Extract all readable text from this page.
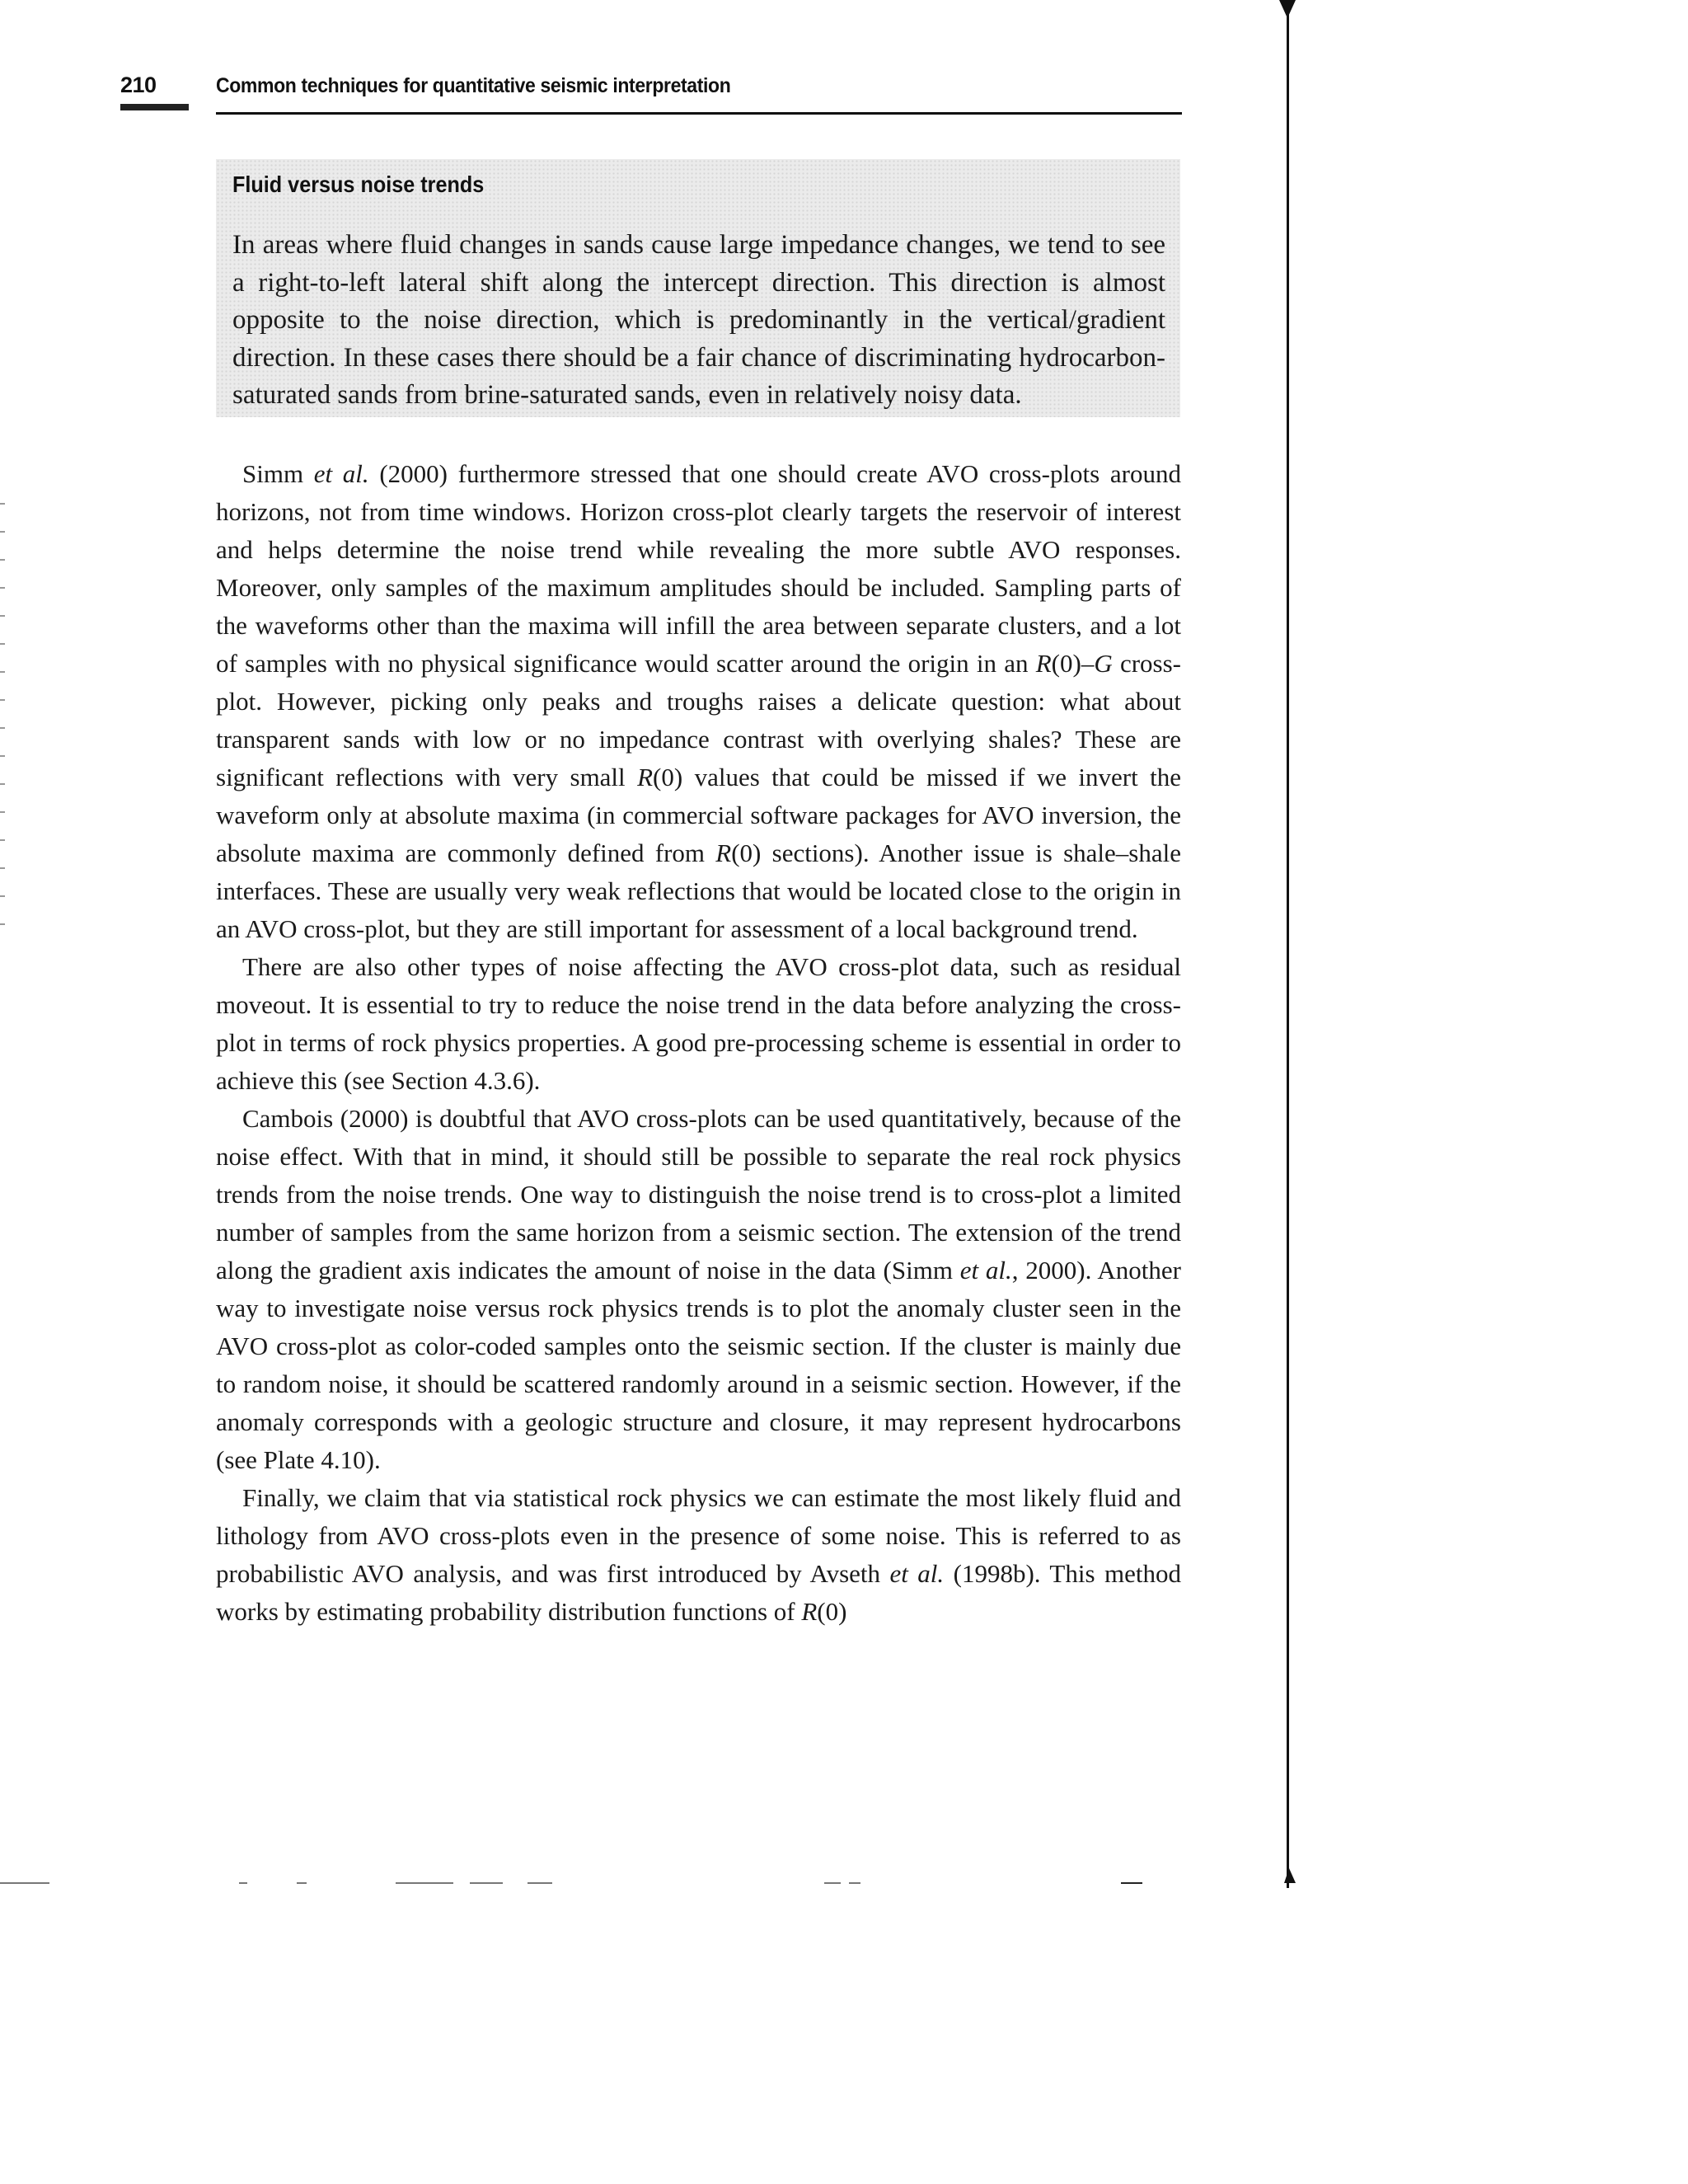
210	Common techniques for quantitative seismic interpretation
Fluid versus noise trends

In areas where fluid changes in sands cause large impedance changes, we tend to see a right-to-left lateral shift along the intercept direction. This direction is almost opposite to the noise direction, which is predominantly in the vertical/gradient direction. In these cases there should be a fair chance of discriminating hydrocarbon-saturated sands from brine-saturated sands, even in relatively noisy data.

Simm et al. (2000) furthermore stressed that one should create AVO cross-plots around horizons, not from time windows. Horizon cross-plot clearly targets the reservoir of interest and helps determine the noise trend while revealing the more subtle AVO responses. Moreover, only samples of the maximum amplitudes should be included. Sampling parts of the waveforms other than the maxima will infill the area between separate clusters, and a lot of samples with no physical significance would scatter around the origin in an R(0)–G cross-plot. However, picking only peaks and troughs raises a delicate question: what about transparent sands with low or no impedance contrast with overlying shales? These are significant reflections with very small R(0) values that could be missed if we invert the waveform only at absolute maxima (in commercial software packages for AVO inversion, the absolute maxima are commonly defined from R(0) sections). Another issue is shale–shale interfaces. These are usually very weak reflections that would be located close to the origin in an AVO cross-plot, but they are still important for assessment of a local background trend.

There are also other types of noise affecting the AVO cross-plot data, such as residual moveout. It is essential to try to reduce the noise trend in the data before analyzing the cross-plot in terms of rock physics properties. A good pre-processing scheme is essential in order to achieve this (see Section 4.3.6).

Cambois (2000) is doubtful that AVO cross-plots can be used quantitatively, because of the noise effect. With that in mind, it should still be possible to separate the real rock physics trends from the noise trends. One way to distinguish the noise trend is to cross-plot a limited number of samples from the same horizon from a seismic section. The extension of the trend along the gradient axis indicates the amount of noise in the data (Simm et al., 2000). Another way to investigate noise versus rock physics trends is to plot the anomaly cluster seen in the AVO cross-plot as color-coded samples onto the seismic section. If the cluster is mainly due to random noise, it should be scattered randomly around in a seismic section. However, if the anomaly corresponds with a geologic structure and closure, it may represent hydrocarbons (see Plate 4.10).

Finally, we claim that via statistical rock physics we can estimate the most likely fluid and lithology from AVO cross-plots even in the presence of some noise. This is referred to as probabilistic AVO analysis, and was first introduced by Avseth et al. (1998b). This method works by estimating probability distribution functions of R(0)
